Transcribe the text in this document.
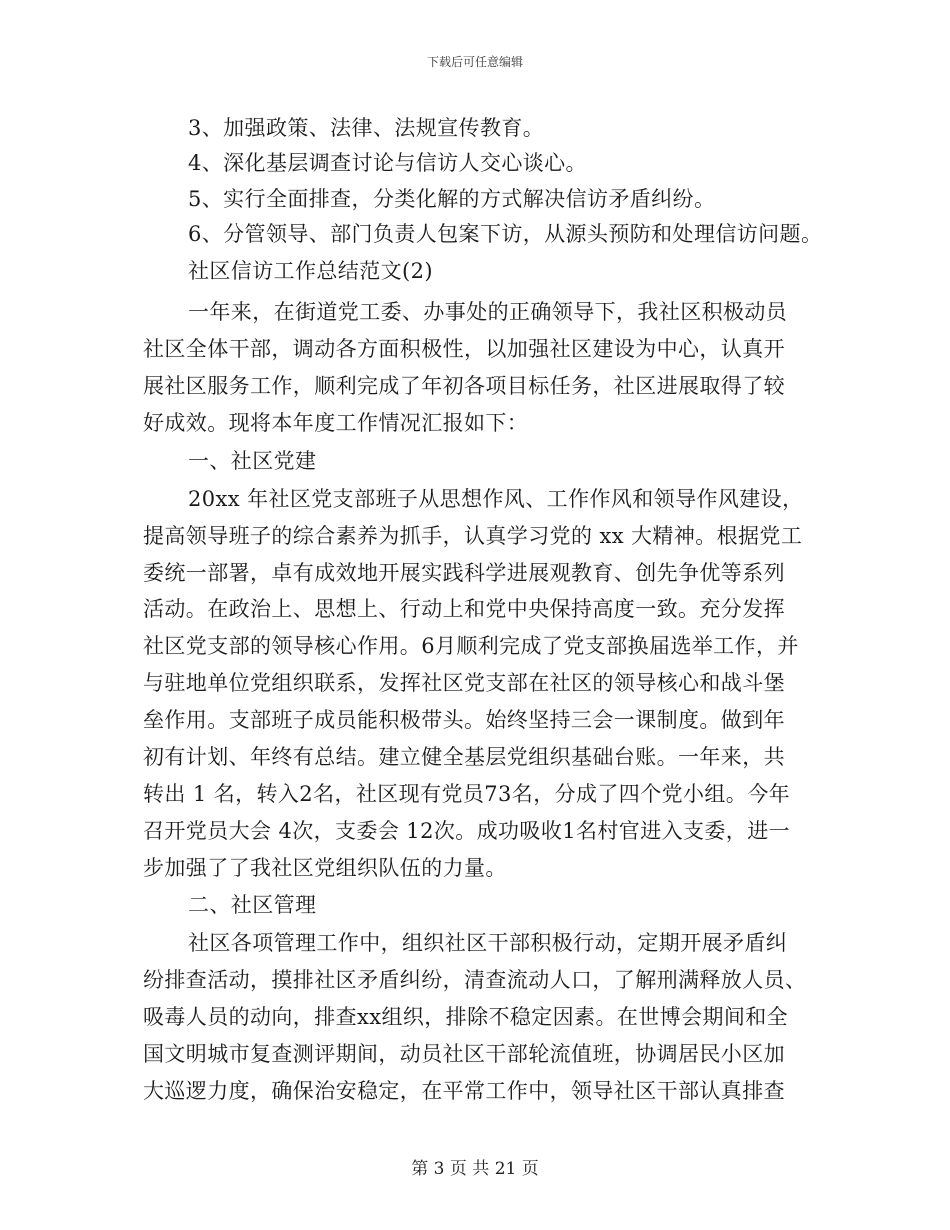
下载后可任意编辑
3、加强政策、法律、法规宣传教育。
4、深化基层调查讨论与信访人交心谈心。
5、实行全面排查，分类化解的方式解决信访矛盾纠纷。
6、分管领导、部门负责人包案下访，从源头预防和处理信访问题。
社区信访工作总结范文(2)
一年来，在街道党工委、办事处的正确领导下，我社区积极动员
社区全体干部，调动各方面积极性，以加强社区建设为中心，认真开
展社区服务工作，顺利完成了年初各项目标任务，社区进展取得了较
好成效。现将本年度工作情况汇报如下：
一、社区党建
20xx 年社区党支部班子从思想作风、工作作风和领导作风建设，
提高领导班子的综合素养为抓手，认真学习党的 xx 大精神。根据党工
委统一部署，卓有成效地开展实践科学进展观教育、创先争优等系列
活动。在政治上、思想上、行动上和党中央保持高度一致。充分发挥
社区党支部的领导核心作用。6月顺利完成了党支部换届选举工作，并
与驻地单位党组织联系，发挥社区党支部在社区的领导核心和战斗堡
垒作用。支部班子成员能积极带头。始终坚持三会一课制度。做到年
初有计划、年终有总结。建立健全基层党组织基础台账。一年来，共
转出 1 名，转入2名，社区现有党员73名，分成了四个党小组。今年
召开党员大会 4次，支委会 12次。成功吸收1名村官进入支委，进一
步加强了了我社区党组织队伍的力量。
二、社区管理
社区各项管理工作中，组织社区干部积极行动，定期开展矛盾纠
纷排查活动，摸排社区矛盾纠纷，清查流动人口，了解刑满释放人员、
吸毒人员的动向，排查xx组织，排除不稳定因素。在世博会期间和全
国文明城市复查测评期间，动员社区干部轮流值班，协调居民小区加
大巡逻力度，确保治安稳定，在平常工作中，领导社区干部认真排查
第 3 页 共 21 页
